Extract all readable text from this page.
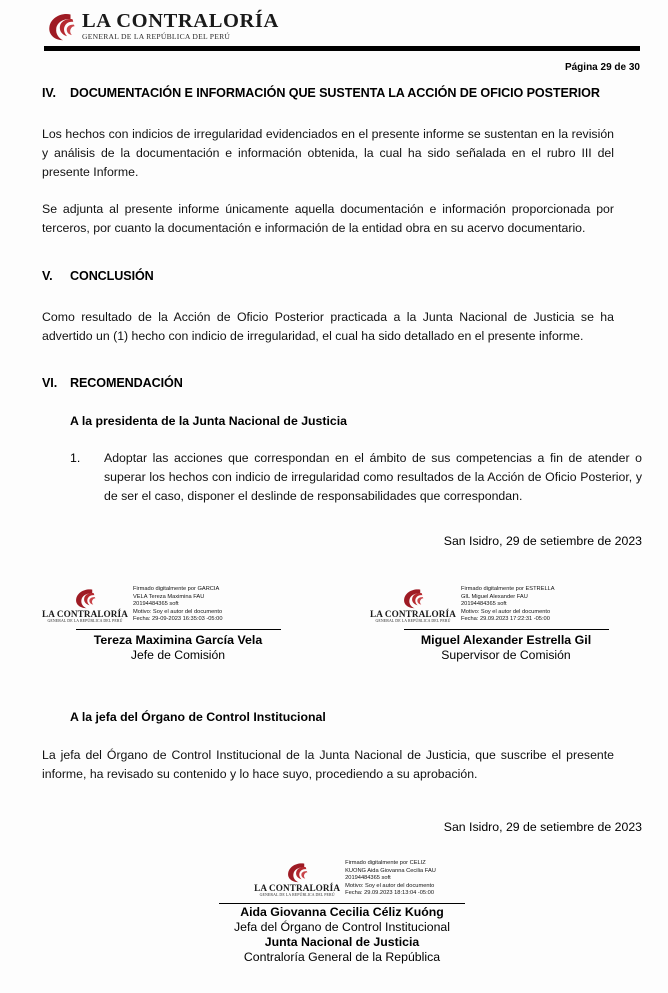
LA CONTRALORÍA
GENERAL DE LA REPÚBLICA DEL PERÚ
Página 29 de 30
IV.	DOCUMENTACIÓN E INFORMACIÓN QUE SUSTENTA LA ACCIÓN DE OFICIO POSTERIOR

Los hechos con indicios de irregularidad evidenciados en el presente informe se sustentan en la revisión y análisis de la documentación e información obtenida, la cual ha sido señalada en el rubro III del presente Informe.

Se adjunta al presente informe únicamente aquella documentación e información proporcionada por terceros, por cuanto la documentación e información de la entidad obra en su acervo documentario.

V.	CONCLUSIÓN

Como resultado de la Acción de Oficio Posterior practicada a la Junta Nacional de Justicia se ha advertido un (1) hecho con indicio de irregularidad, el cual ha sido detallado en el presente informe.

VI.	RECOMENDACIÓN
A la presidenta de la Junta Nacional de Justicia
1.	Adoptar las acciones que correspondan en el ámbito de sus competencias a fin de atender o superar los hechos con indicio de irregularidad como resultados de la Acción de Oficio Posterior, y de ser el caso, disponer el deslinde de responsabilidades que correspondan.

San Isidro, 29 de setiembre de 2023
LA CONTRALORÍA
GENERAL DE LA REPÚBLICA DEL PERÚ
Firmado digitalmente por GARCIA
VELA Tereza Maximina FAU
20194484365 soft
Motivo: Soy el autor del documento
Fecha: 29-09-2023 16:35:03 -05:00
Tereza Maximina García Vela
Jefe de Comisión
LA CONTRALORÍA
GENERAL DE LA REPÚBLICA DEL PERÚ
Firmado digitalmente por ESTRELLA
GIL Miguel Alexander FAU
20194484365 soft
Motivo: Soy el autor del documento
Fecha: 29.09.2023 17:22:31 -05:00
Miguel Alexander Estrella Gil
Supervisor de Comisión
A la jefa del Órgano de Control Institucional

La jefa del Órgano de Control Institucional de la Junta Nacional de Justicia, que suscribe el presente informe, ha revisado su contenido y lo hace suyo, procediendo a su aprobación.

San Isidro, 29 de setiembre de 2023
LA CONTRALORÍA
GENERAL DE LA REPÚBLICA DEL PERÚ
Firmado digitalmente por CELIZ
KUONG Aida Giovanna Cecilia FAU
20194484365 soft
Motivo: Soy el autor del documento
Fecha: 29.09.2023 18:13:04 -05:00
Aida Giovanna Cecilia Céliz Kuóng
Jefa del Órgano de Control Institucional
Junta Nacional de Justicia
Contraloría General de la República
